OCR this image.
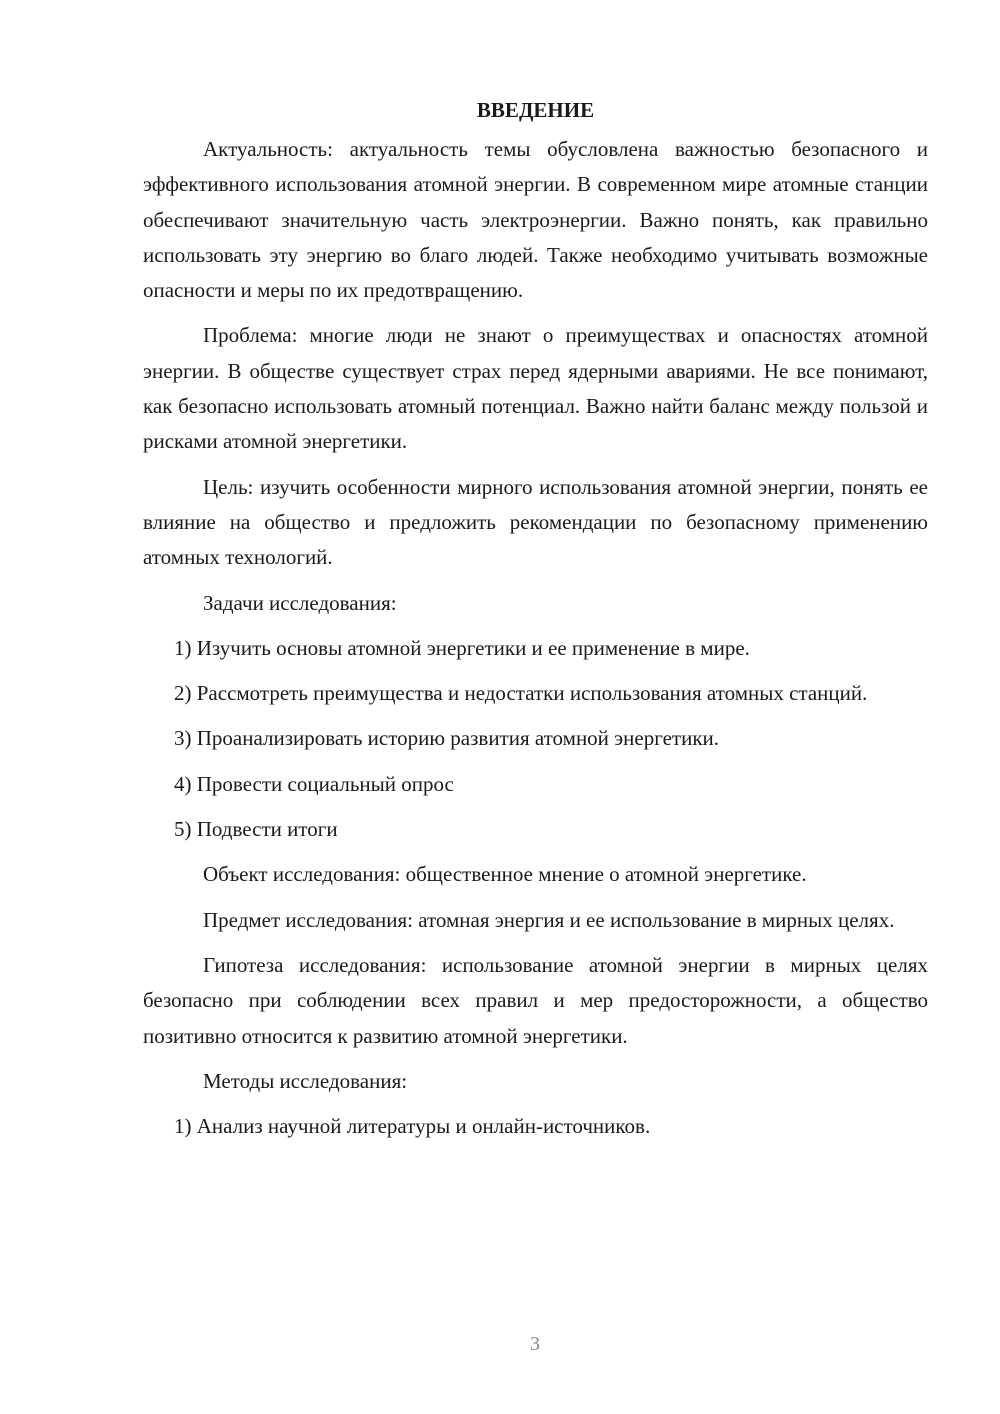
ВВЕДЕНИЕ

Актуальность: актуальность темы обусловлена важностью безопасного и эффективного использования атомной энергии. В современном мире атомные станции обеспечивают значительную часть электроэнергии. Важно понять, как правильно использовать эту энергию во благо людей. Также необходимо учитывать возможные опасности и меры по их предотвращению.

Проблема: многие люди не знают о преимуществах и опасностях атомной энергии. В обществе существует страх перед ядерными авариями. Не все понимают, как безопасно использовать атомный потенциал. Важно найти баланс между пользой и рисками атомной энергетики.

Цель: изучить особенности мирного использования атомной энергии, понять ее влияние на общество и предложить рекомендации по безопасному применению атомных технологий.

Задачи исследования:

1) Изучить основы атомной энергетики и ее применение в мире.

2) Рассмотреть преимущества и недостатки использования атомных станций.

3) Проанализировать историю развития атомной энергетики.

4) Провести социальный опрос

5) Подвести итоги

Объект исследования: общественное мнение о атомной энергетике.

Предмет исследования: атомная энергия и ее использование в мирных целях.

Гипотеза исследования: использование атомной энергии в мирных целях безопасно при соблюдении всех правил и мер предосторожности, а общество позитивно относится к развитию атомной энергетики.

Методы исследования:

1) Анализ научной литературы и онлайн-источников.

3
